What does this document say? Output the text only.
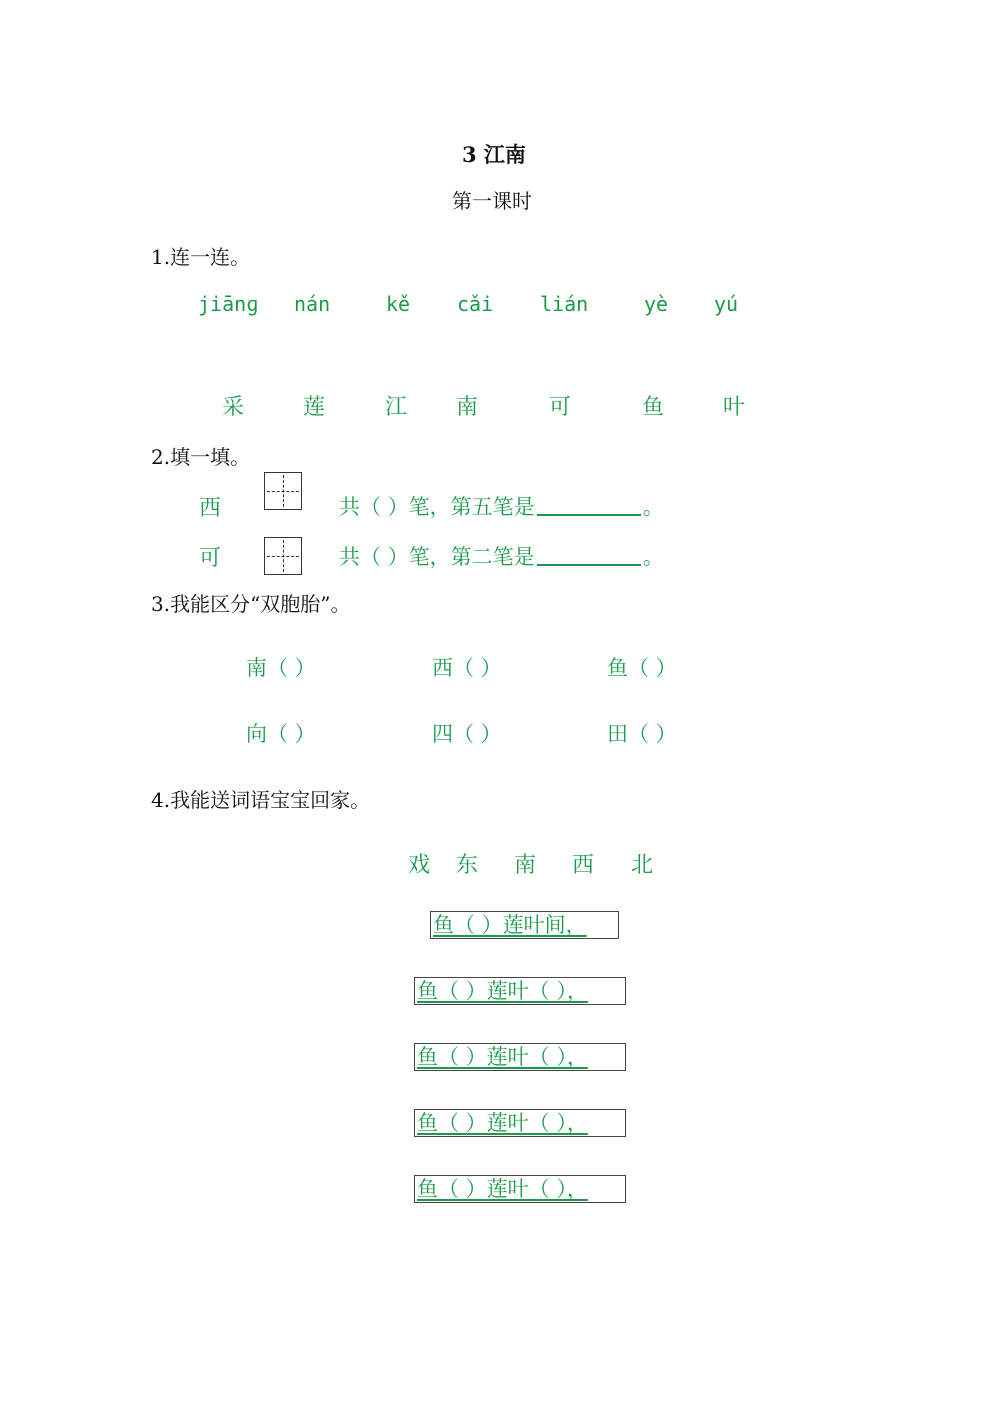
3 江南
第一课时
1.连一连。
jiānɡ nán	kě cǎi lián	yè yú
采	莲	江 南	可	鱼	叶
2.填一填。
西	共（ ）笔，第五笔是	。
可	共（ ）笔，第二笔是	。
3.我能区分“双胞胎”。
南（ ）	西（ ）	鱼（ ）
向（ ）	四（ ）	田（ ）
4.我能送词语宝宝回家。
戏 东 南 西 北
鱼（ ）莲叶间，
鱼（ ）莲叶（ ），
鱼（ ）莲叶（ ），
鱼（ ）莲叶（ ），
鱼（ ）莲叶（ ），
